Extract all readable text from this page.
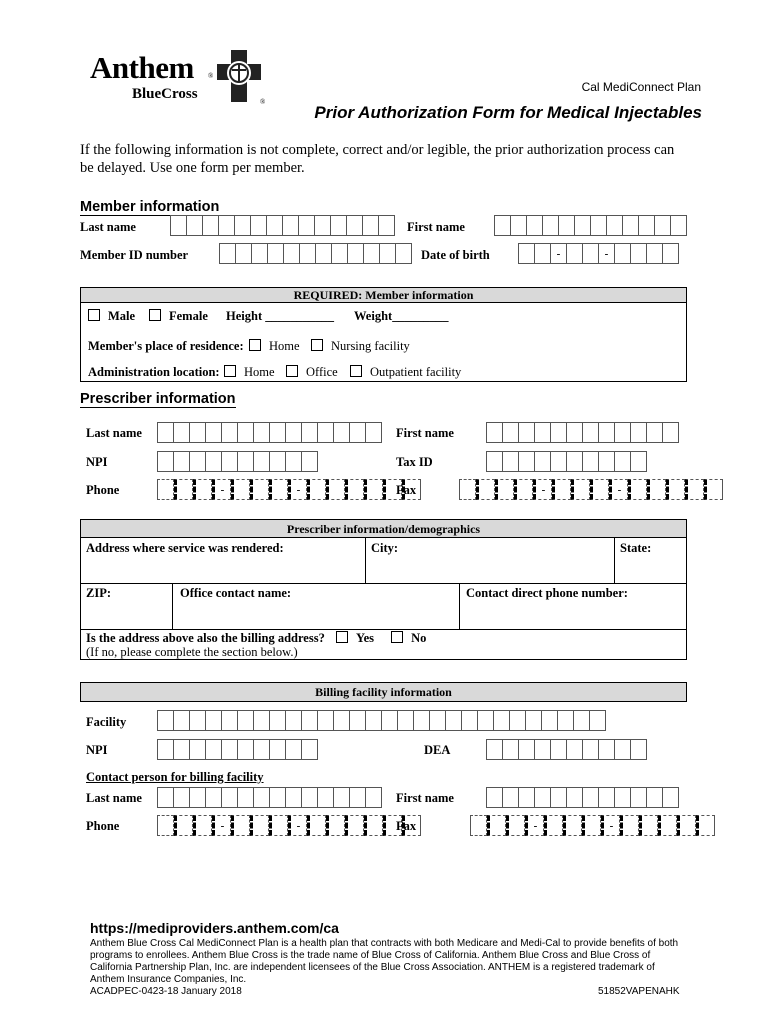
Anthem ®
BlueCross	®
Cal MediConnect Plan
Prior Authorization Form for Medical Injectables
If the following information is not complete, correct and/or legible, the prior authorization process can be delayed. Use one form per member.
Member information
Last name	First name
Member ID number	Date of birth	-	-
REQUIRED: Member information
Male	Female Height ___________ Weight_________
Member's place of residence:	Home	Nursing facility
Administration location:	Home	Office	Outpatient facility
Prescriber information
Last name	First name
NPI	Tax ID
Phone	-	-	Fax	-	-
Prescriber information/demographics
Address where service was rendered:	City:	State:
ZIP:	Office contact name:	Contact direct phone number:
Is the address above also the billing address? Yes	No
(If no, please complete the section below.)
Billing facility information
Facility
NPI	DEA
Contact person for billing facility
Last name	First name
Phone	-	-	Fax	-	-
https://mediproviders.anthem.com/ca
Anthem Blue Cross Cal MediConnect Plan is a health plan that contracts with both Medicare and Medi-Cal to provide benefits of both programs to enrollees. Anthem Blue Cross is the trade name of Blue Cross of California. Anthem Blue Cross and Blue Cross of California Partnership Plan, Inc. are independent licensees of the Blue Cross Association. ANTHEM is a registered trademark of Anthem Insurance Companies, Inc.
ACADPEC-0423-18 January 2018	51852VAPENAHK
